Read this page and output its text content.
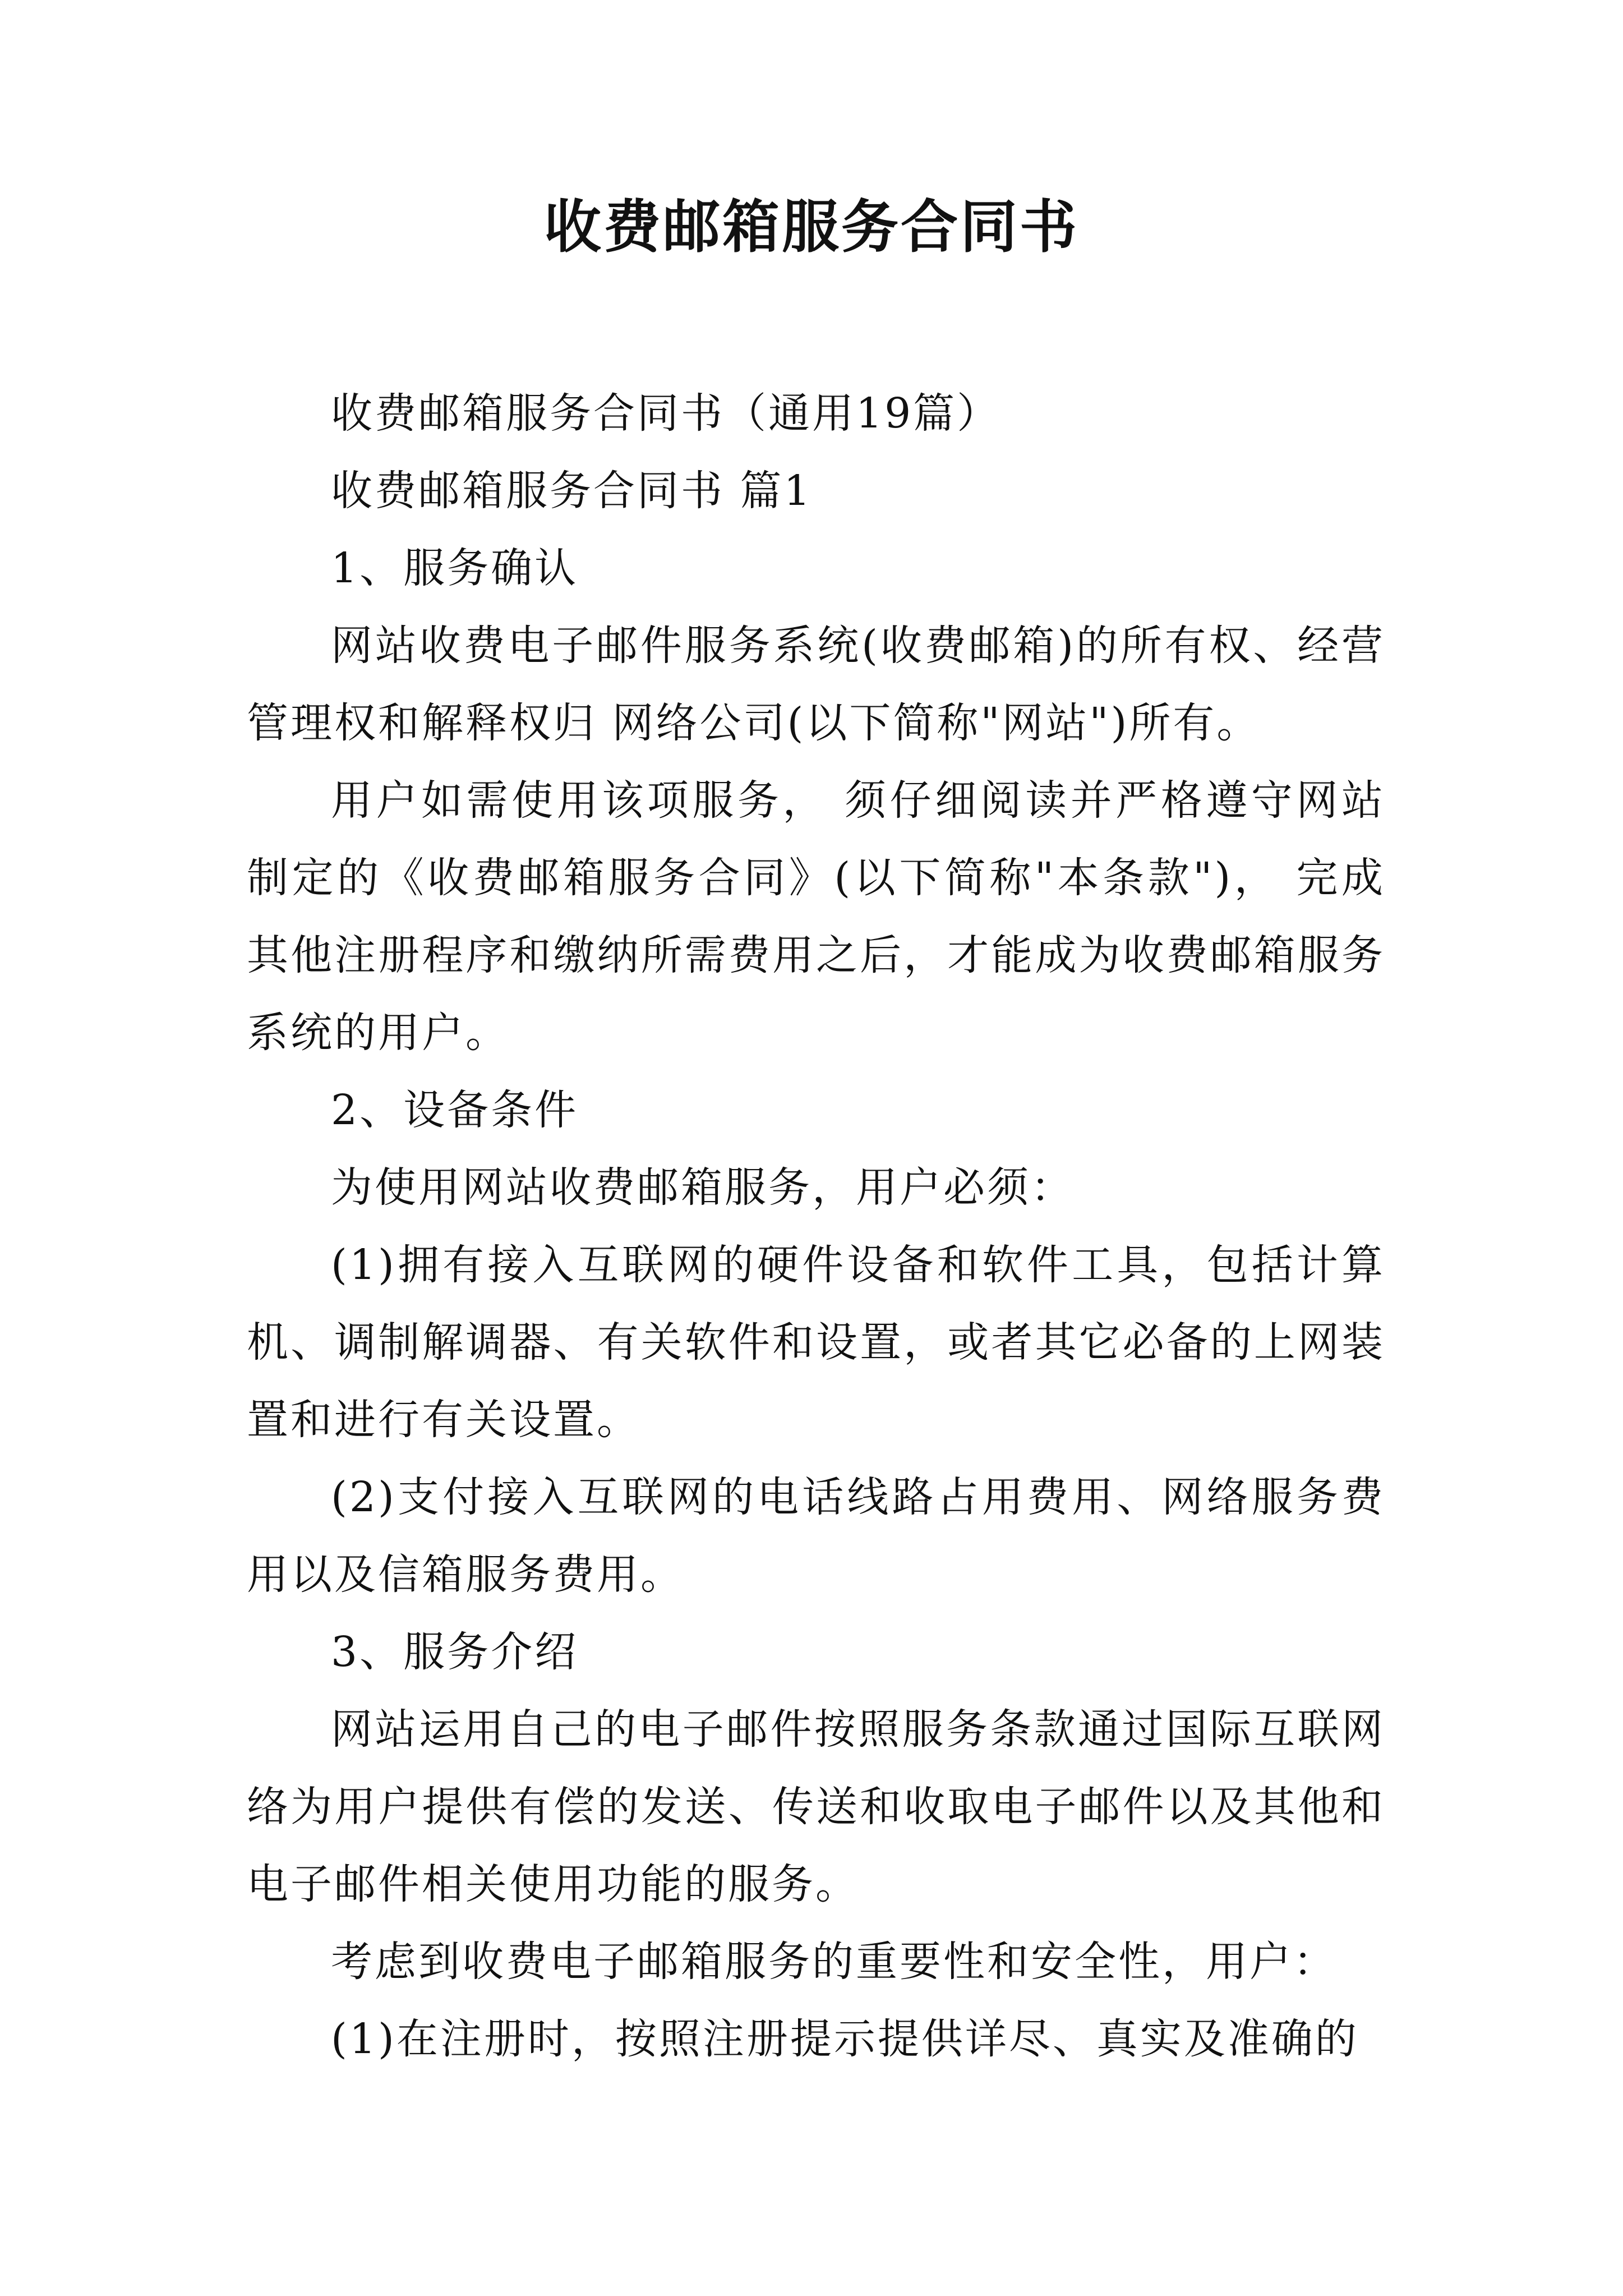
收费邮箱服务合同书

收费邮箱服务合同书（通用19篇）

收费邮箱服务合同书 篇1

1、服务确认

网站收费电子邮件服务系统(收费邮箱)的所有权、经营管理权和解释权归 网络公司(以下简称"网站")所有。

用户如需使用该项服务， 须仔细阅读并严格遵守网站制定的《收费邮箱服务合同》(以下简称"本条款")， 完成其他注册程序和缴纳所需费用之后，才能成为收费邮箱服务系统的用户。

2、设备条件

为使用网站收费邮箱服务，用户必须：

(1)拥有接入互联网的硬件设备和软件工具，包括计算机、调制解调器、有关软件和设置，或者其它必备的上网装置和进行有关设置。

(2)支付接入互联网的电话线路占用费用、网络服务费用以及信箱服务费用。

3、服务介绍

网站运用自己的电子邮件按照服务条款通过国际互联网络为用户提供有偿的发送、传送和收取电子邮件以及其他和电子邮件相关使用功能的服务。

考虑到收费电子邮箱服务的重要性和安全性，用户：

(1)在注册时，按照注册提示提供详尽、真实及准确的
